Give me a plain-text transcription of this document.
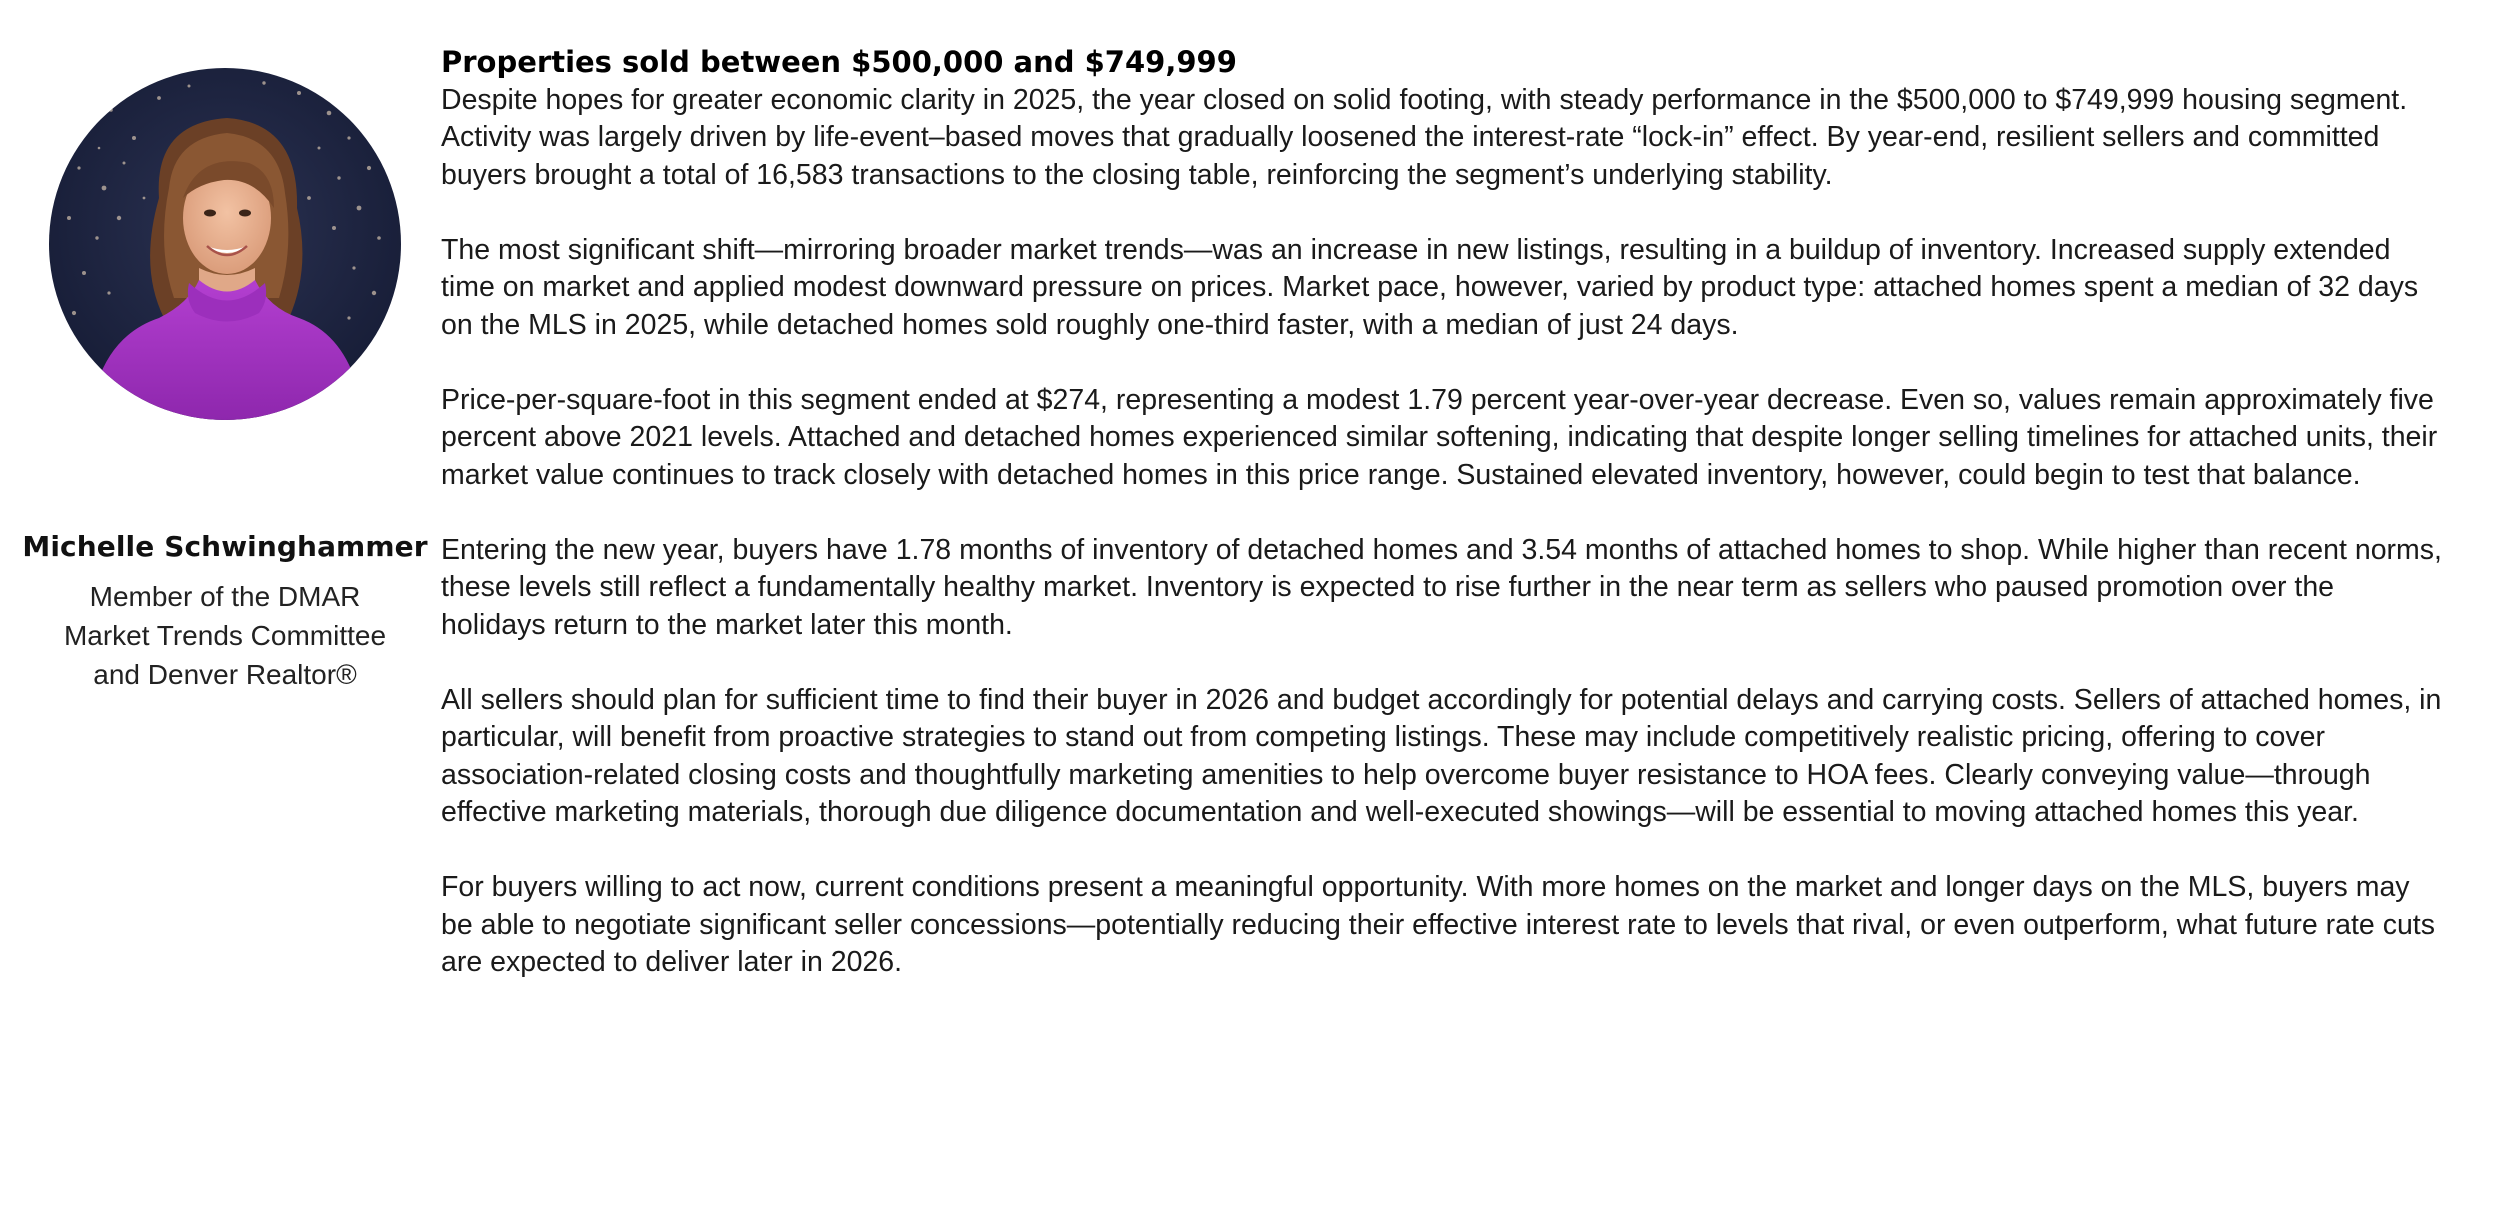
Michelle Schwinghammer
Member of the DMAR
Market Trends Committee
and Denver Realtor®
Properties sold between $500,000 and $749,999

Despite hopes for greater economic clarity in 2025, the year closed on solid footing, with steady performance in the $500,000 to $749,999 housing segment. Activity was largely driven by life-event–based moves that gradually loosened the interest-rate “lock-in” effect. By year-end, resilient sellers and committed buyers brought a total of 16,583 transactions to the closing table, reinforcing the segment’s underlying stability.

The most significant shift—mirroring broader market trends—was an increase in new listings, resulting in a buildup of inventory. Increased supply extended time on market and applied modest downward pressure on prices. Market pace, however, varied by product type: attached homes spent a median of 32 days on the MLS in 2025, while detached homes sold roughly one-third faster, with a median of just 24 days.

Price-per-square-foot in this segment ended at $274, representing a modest 1.79 percent year-over-year decrease. Even so, values remain approximately five percent above 2021 levels. Attached and detached homes experienced similar softening, indicating that despite longer selling timelines for attached units, their market value continues to track closely with detached homes in this price range. Sustained elevated inventory, however, could begin to test that balance.

Entering the new year, buyers have 1.78 months of inventory of detached homes and 3.54 months of attached homes to shop. While higher than recent norms, these levels still reflect a fundamentally healthy market. Inventory is expected to rise further in the near term as sellers who paused promotion over the holidays return to the market later this month.

All sellers should plan for sufficient time to find their buyer in 2026 and budget accordingly for potential delays and carrying costs. Sellers of attached homes, in particular, will benefit from proactive strategies to stand out from competing listings. These may include competitively realistic pricing, offering to cover association-related closing costs and thoughtfully marketing amenities to help overcome buyer resistance to HOA fees. Clearly conveying value—through effective marketing materials, thorough due diligence documentation and well-executed showings—will be essential to moving attached homes this year.

For buyers willing to act now, current conditions present a meaningful opportunity. With more homes on the market and longer days on the MLS, buyers may be able to negotiate significant seller concessions—potentially reducing their effective interest rate to levels that rival, or even outperform, what future rate cuts are expected to deliver later in 2026.
